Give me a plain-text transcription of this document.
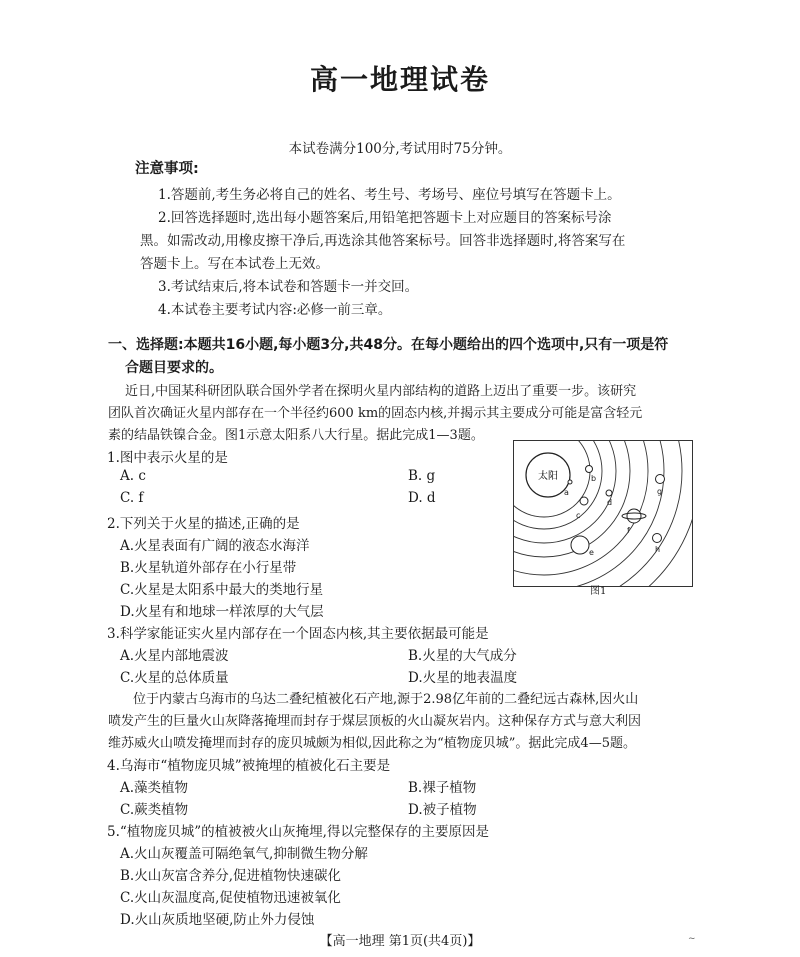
高一地理试卷
本试卷满分100分,考试用时75分钟。
注意事项:
1.答题前,考生务必将自己的姓名、考生号、考场号、座位号填写在答题卡上。
2.回答选择题时,选出每小题答案后,用铅笔把答题卡上对应题目的答案标号涂
黑。如需改动,用橡皮擦干净后,再选涂其他答案标号。回答非选择题时,将答案写在
答题卡上。写在本试卷上无效。
3.考试结束后,将本试卷和答题卡一并交回。
4.本试卷主要考试内容:必修一前三章。
一、选择题:本题共16小题,每小题3分,共48分。在每小题给出的四个选项中,只有一项是符
合题目要求的。
近日,中国某科研团队联合国外学者在探明火星内部结构的道路上迈出了重要一步。该研究
团队首次确证火星内部存在一个半径约600 km的固态内核,并揭示其主要成分可能是富含轻元
素的结晶铁镍合金。图1示意太阳系八大行星。据此完成1—3题。
1.图中表示火星的是
A. c	B. g
C. f	D. d
2.下列关于火星的描述,正确的是
A.火星表面有广阔的液态水海洋
B.火星轨道外部存在小行星带
C.火星是太阳系中最大的类地行星
D.火星有和地球一样浓厚的大气层
太阳
a
b
c
d
e
f
g
h
图1
3.科学家能证实火星内部存在一个固态内核,其主要依据最可能是
A.火星内部地震波	B.火星的大气成分
C.火星的总体质量	D.火星的地表温度
位于内蒙古乌海市的乌达二叠纪植被化石产地,源于2.98亿年前的二叠纪远古森林,因火山
喷发产生的巨量火山灰降落掩埋而封存于煤层顶板的火山凝灰岩内。这种保存方式与意大利因
维苏威火山喷发掩埋而封存的庞贝城颇为相似,因此称之为“植物庞贝城”。据此完成4—5题。
4.乌海市“植物庞贝城”被掩埋的植被化石主要是
A.藻类植物	B.裸子植物
C.蕨类植物	D.被子植物
5.“植物庞贝城”的植被被火山灰掩埋,得以完整保存的主要原因是
A.火山灰覆盖可隔绝氧气,抑制微生物分解
B.火山灰富含养分,促进植物快速碳化
C.火山灰温度高,促使植物迅速被氧化
D.火山灰质地坚硬,防止外力侵蚀
【高一地理 第1页(共4页)】	~
